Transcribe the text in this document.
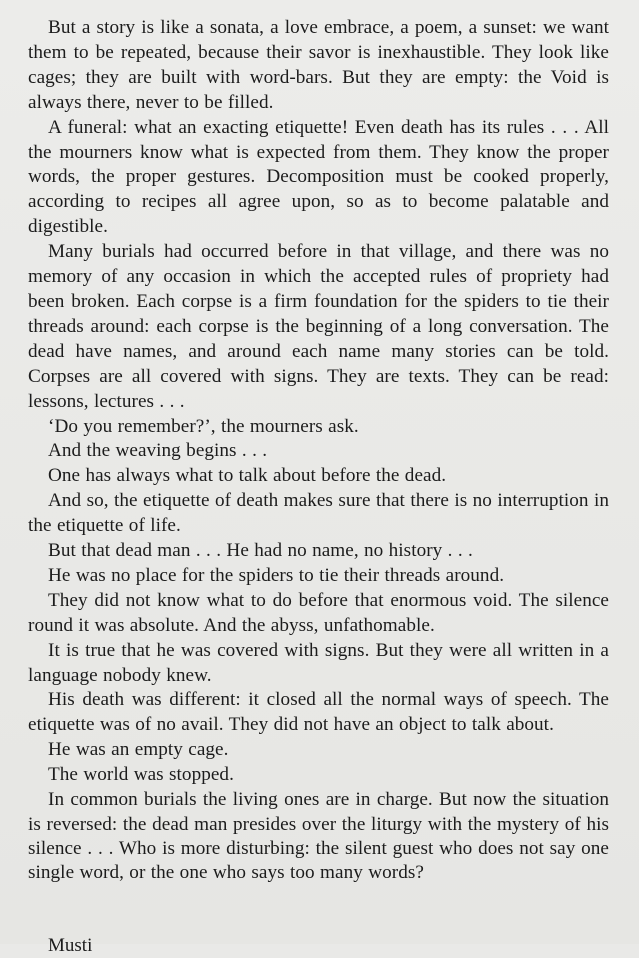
But a story is like a sonata, a love embrace, a poem, a sunset: we want them to be repeated, because their savor is inexhaustible. They look like cages; they are built with word-bars. But they are empty: the Void is always there, never to be filled.

A funeral: what an exacting etiquette! Even death has its rules . . . All the mourners know what is expected from them. They know the proper words, the proper gestures. Decomposition must be cooked properly, according to recipes all agree upon, so as to become palatable and digestible.

Many burials had occurred before in that village, and there was no memory of any occasion in which the accepted rules of propriety had been broken. Each corpse is a firm foundation for the spiders to tie their threads around: each corpse is the beginning of a long conversation. The dead have names, and around each name many stories can be told. Corpses are all covered with signs. They are texts. They can be read: lessons, lectures . . .

‘Do you remember?’, the mourners ask.

And the weaving begins . . .

One has always what to talk about before the dead.

And so, the etiquette of death makes sure that there is no interruption in the etiquette of life.

But that dead man . . . He had no name, no history . . .

He was no place for the spiders to tie their threads around.

They did not know what to do before that enormous void. The silence round it was absolute. And the abyss, unfathomable.

It is true that he was covered with signs. But they were all written in a language nobody knew.

His death was different: it closed all the normal ways of speech. The etiquette was of no avail. They did not have an object to talk about.

He was an empty cage.

The world was stopped.

In common burials the living ones are in charge. But now the situation is reversed: the dead man presides over the liturgy with the mystery of his silence . . . Who is more disturbing: the silent guest who does not say one single word, or the one who says too many words?

Musti
